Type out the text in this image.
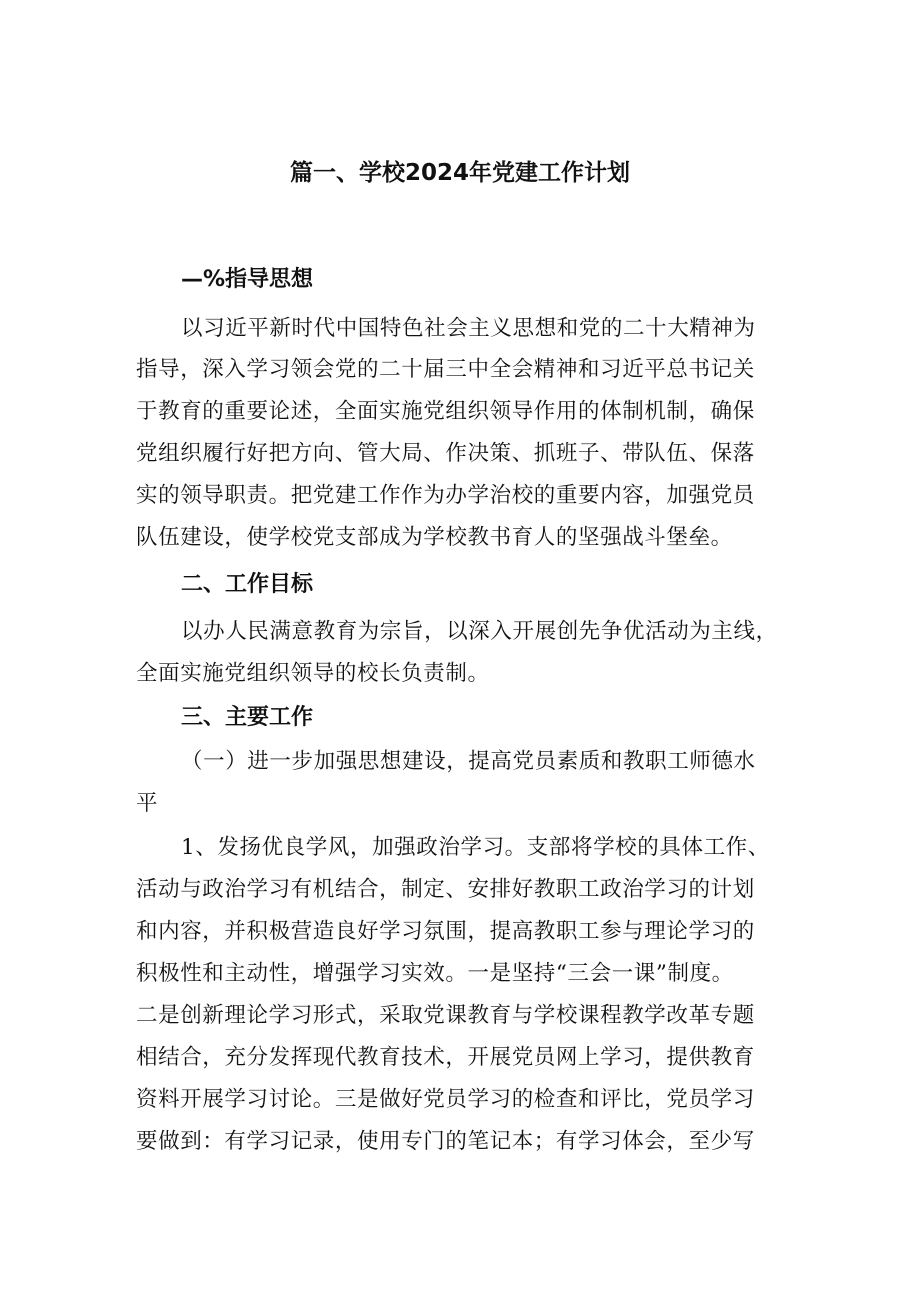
篇一、学校2024年党建工作计划
—%指导思想
以习近平新时代中国特色社会主义思想和党的二十大精神为
指导，深入学习领会党的二十届三中全会精神和习近平总书记关
于教育的重要论述，全面实施党组织领导作用的体制机制，确保
党组织履行好把方向、管大局、作决策、抓班子、带队伍、保落
实的领导职责。把党建工作作为办学治校的重要内容，加强党员
队伍建设，使学校党支部成为学校教书育人的坚强战斗堡垒。
二、工作目标
以办人民满意教育为宗旨，以深入开展创先争优活动为主线，
全面实施党组织领导的校长负责制。
三、主要工作
（一）进一步加强思想建设，提高党员素质和教职工师德水
平
1、发扬优良学风，加强政治学习。支部将学校的具体工作、
活动与政治学习有机结合，制定、安排好教职工政治学习的计划
和内容，并积极营造良好学习氛围，提高教职工参与理论学习的
积极性和主动性，增强学习实效。一是坚持“三会一课”制度。
二是创新理论学习形式，采取党课教育与学校课程教学改革专题
相结合，充分发挥现代教育技术，开展党员网上学习，提供教育
资料开展学习讨论。三是做好党员学习的检查和评比，党员学习
要做到：有学习记录，使用专门的笔记本；有学习体会，至少写
